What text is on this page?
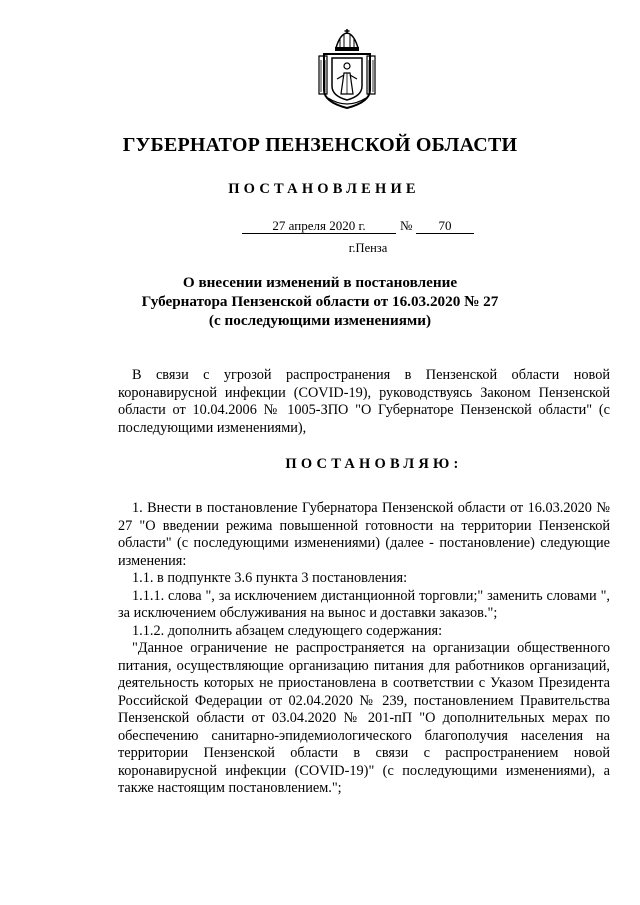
ГУБЕРНАТОР ПЕНЗЕНСКОЙ ОБЛАСТИ
ПОСТАНОВЛЕНИЕ
27 апреля 2020 г.	№	70
г.Пенза
О внесении изменений в постановление
Губернатора Пензенской области от 16.03.2020 № 27
(с последующими изменениями)
В связи с угрозой распространения в Пензенской области новой коронавирусной инфекции (COVID-19), руководствуясь Законом Пензенской области от 10.04.2006 № 1005-ЗПО "О Губернаторе Пензенской области" (с последующими изменениями),
ПОСТАНОВЛЯЮ:

1. Внести в постановление Губернатора Пензенской области от 16.03.2020 № 27 "О введении режима повышенной готовности на территории Пензенской области" (с последующими изменениями) (далее - постановление) следующие изменения:

1.1. в подпункте 3.6 пункта 3 постановления:

1.1.1. слова ", за исключением дистанционной торговли;" заменить словами ", за исключением обслуживания на вынос и доставки заказов.";

1.1.2. дополнить абзацем следующего содержания:

"Данное ограничение не распространяется на организации общественного питания, осуществляющие организацию питания для работников организаций, деятельность которых не приостановлена в соответствии с Указом Президента Российской Федерации от 02.04.2020 № 239, постановлением Правительства Пензенской области от 03.04.2020 № 201-пП "О дополнительных мерах по обеспечению санитарно-эпидемиологического благополучия населения на территории Пензенской области в связи с распространением новой коронавирусной инфекции (COVID-19)" (с последующими изменениями), а также настоящим постановлением.";
